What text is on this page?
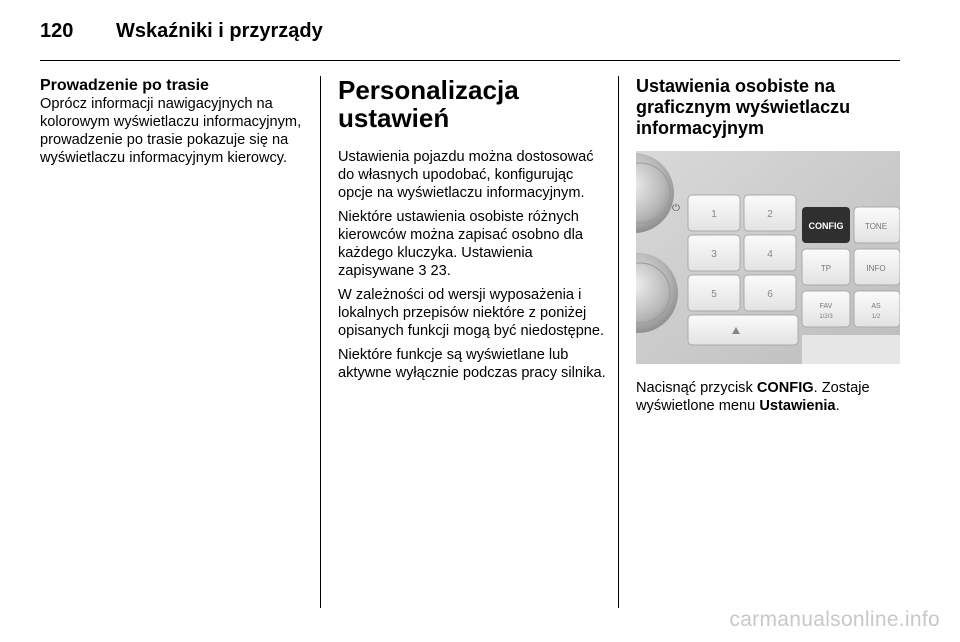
120 Wskaźniki i przyrządy
Prowadzenie po trasie

Oprócz informacji nawigacyjnych na kolorowym wyświetlaczu informacyjnym, prowadzenie po trasie pokazuje się na wyświetlaczu informacyjnym kierowcy.

Personalizacja
ustawień

Ustawienia pojazdu można dostosować do własnych upodobać, konfigurując opcje na wyświetlaczu informacyjnym.

Niektóre ustawienia osobiste różnych kierowców można zapisać osobno dla każdego kluczyka. Ustawienia zapisywane 3 23.

W zależności od wersji wyposażenia i lokalnych przepisów niektóre z poniżej opisanych funkcji mogą być niedostępne.

Niektóre funkcje są wyświetlane lub aktywne wyłącznie podczas pracy silnika.

Ustawienia osobiste na
graficznym wyświetlaczu
informacyjnym
⏻
1	2
3	4
5	6
CONFIG	TONE
TP	INFO
FAV
1/2/3
AS
1/2

Nacisnąć przycisk CONFIG. Zostaje wyświetlone menu Ustawienia.

carmanualsonline.info
